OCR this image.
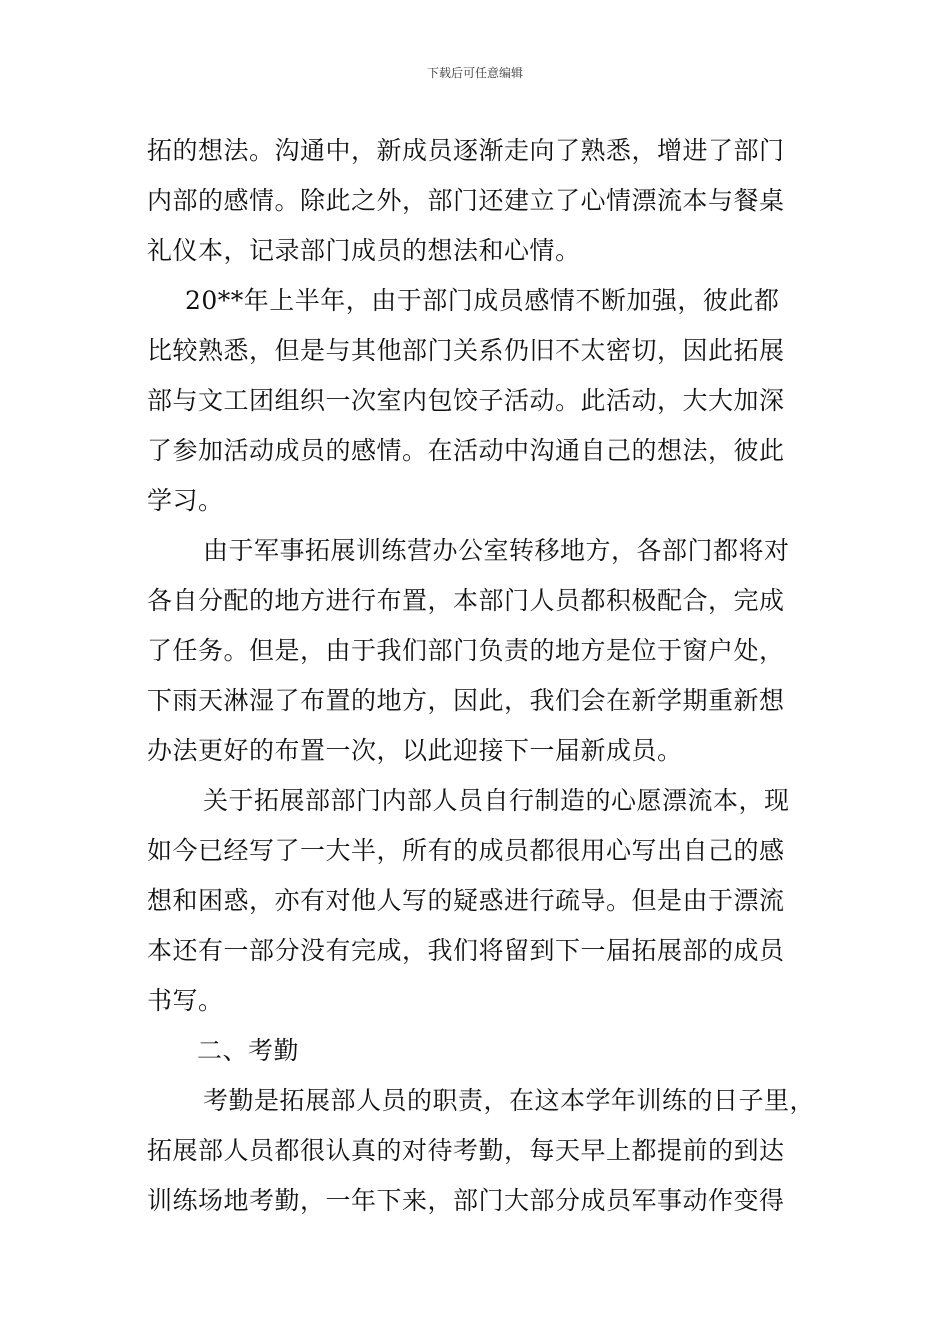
下载后可任意编辑
拓的想法。沟通中，新成员逐渐走向了熟悉，增进了部门
内部的感情。除此之外，部门还建立了心情漂流本与餐桌
礼仪本，记录部门成员的想法和心情。
20**年上半年，由于部门成员感情不断加强，彼此都
比较熟悉，但是与其他部门关系仍旧不太密切，因此拓展
部与文工团组织一次室内包饺子活动。此活动，大大加深
了参加活动成员的感情。在活动中沟通自己的想法，彼此
学习。
由于军事拓展训练营办公室转移地方，各部门都将对
各自分配的地方进行布置，本部门人员都积极配合，完成
了任务。但是，由于我们部门负责的地方是位于窗户处，
下雨天淋湿了布置的地方，因此，我们会在新学期重新想
办法更好的布置一次，以此迎接下一届新成员。
关于拓展部部门内部人员自行制造的心愿漂流本，现
如今已经写了一大半，所有的成员都很用心写出自己的感
想和困惑，亦有对他人写的疑惑进行疏导。但是由于漂流
本还有一部分没有完成，我们将留到下一届拓展部的成员
书写。
二、考勤
考勤是拓展部人员的职责，在这本学年训练的日子里，
拓展部人员都很认真的对待考勤，每天早上都提前的到达
训练场地考勤，一年下来，部门大部分成员军事动作变得
